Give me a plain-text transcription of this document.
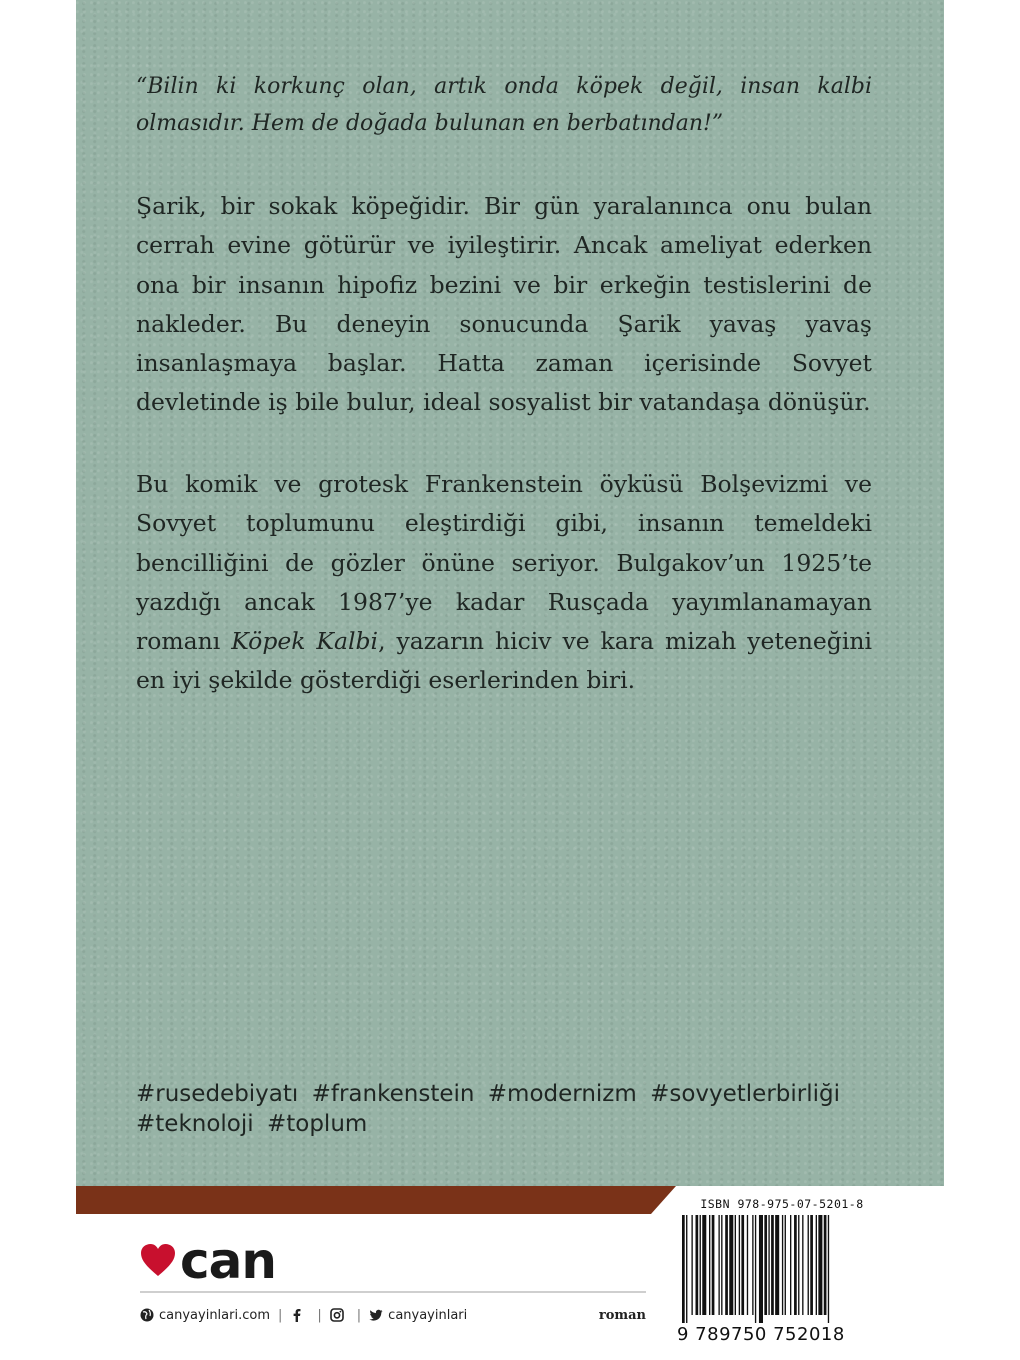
“Bilin ki korkunç olan, artık onda köpek değil, insan kalbi olmasıdır. Hem de doğada bulunan en berbatından!”

Şarik, bir sokak köpeğidir. Bir gün yaralanınca onu bulan cerrah evine götürür ve iyileştirir. Ancak ameliyat ederken ona bir insanın hipofiz bezini ve bir erkeğin testislerini de nakleder. Bu deneyin sonucunda Şarik yavaş yavaş insanlaşmaya başlar. Hatta zaman içerisinde Sovyet devletinde iş bile bulur, ideal sosyalist bir vatandaşa dönüşür.

Bu komik ve grotesk Frankenstein öyküsü Bolşevizmi ve Sovyet toplumunu eleştirdiği gibi, insanın temeldeki bencilliğini de gözler önüne seriyor. Bulgakov’un 1925’te yazdığı ancak 1987’ye kadar Rusçada yayımlanamayan romanı Köpek Kalbi, yazarın hiciv ve kara mizah yeteneğini en iyi şekilde gösterdiği eserlerinden biri.

#rusedebiyatı #frankenstein #modernizm #sovyetlerbirliği
#teknoloji #toplum

can
canyayinlari.com |	|	| canyayinlari	roman
ISBN 978-975-07-5201-8
9 789750 752018
